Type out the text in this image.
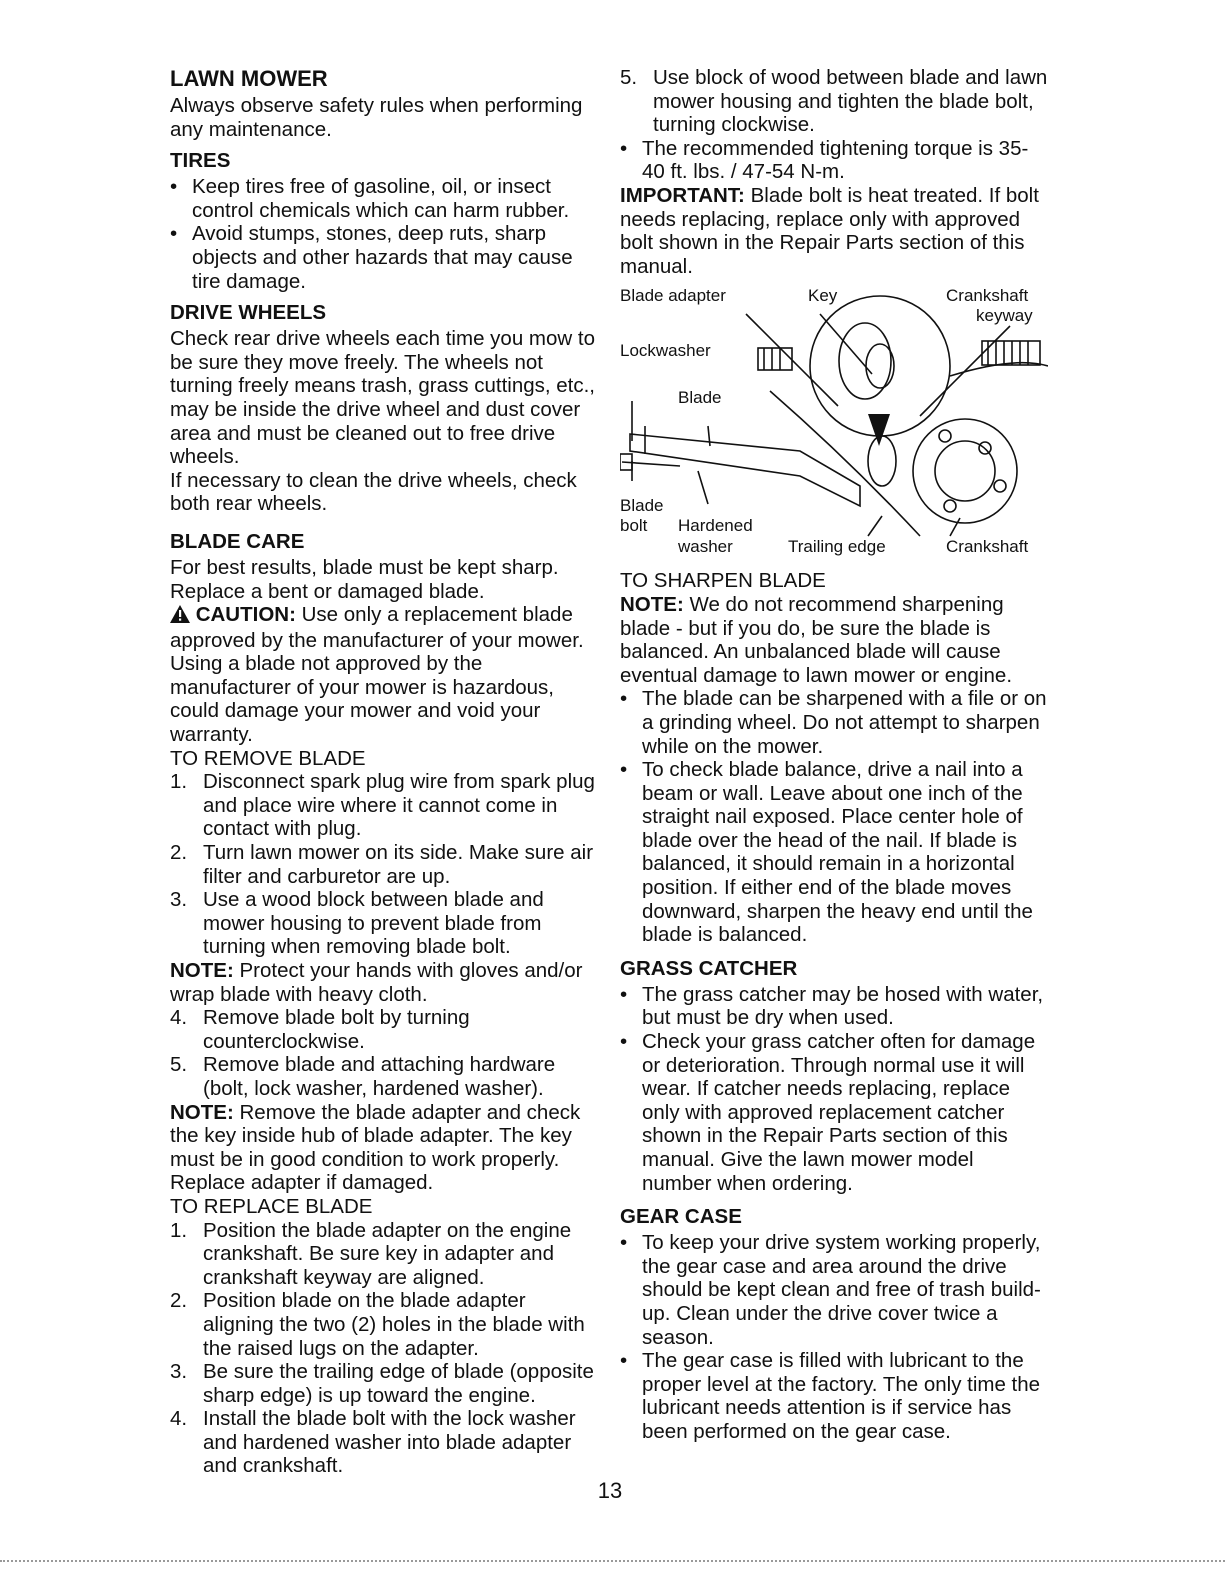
LAWN MOWER

Always observe safety rules when performing any maintenance.

TIRES
• Keep tires free of gasoline, oil, or insect control chemicals which can harm rubber.
• Avoid stumps, stones, deep ruts, sharp objects and other hazards that may cause tire damage.
DRIVE WHEELS

Check rear drive wheels each time you mow to be sure they move freely. The wheels not turning freely means trash, grass cuttings, etc., may be inside the drive wheel and dust cover area and must be cleaned out to free drive wheels.

If necessary to clean the drive wheels, check both rear wheels.

BLADE CARE

For best results, blade must be kept sharp. Replace a bent or damaged blade.

CAUTION: Use only a replacement blade approved by the manufacturer of your mower. Using a blade not approved by the manufacturer of your mower is hazardous, could damage your mower and void your warranty.

TO REMOVE BLADE

1. Disconnect spark plug wire from spark plug and place wire where it cannot come in contact with plug.
2. Turn lawn mower on its side. Make sure air filter and carburetor are up.
3. Use a wood block between blade and mower housing to prevent blade from turning when removing blade bolt.

NOTE: Protect your hands with gloves and/or wrap blade with heavy cloth.

4. Remove blade bolt by turning counterclockwise.
5. Remove blade and attaching hardware (bolt, lock washer, hardened washer).

NOTE: Remove the blade adapter and check the key inside hub of blade adapter. The key must be in good condition to work properly. Replace adapter if damaged.

TO REPLACE BLADE

1. Position the blade adapter on the engine crankshaft. Be sure key in adapter and crankshaft keyway are aligned.
2. Position blade on the blade adapter aligning the two (2) holes in the blade with the raised lugs on the adapter.
3. Be sure the trailing edge of blade (opposite sharp edge) is up toward the engine.
4. Install the blade bolt with the lock washer and hardened washer into blade adapter and crankshaft.
5. Use block of wood between blade and lawn mower housing and tighten the blade bolt, turning clockwise.
• The recommended tightening torque is 35-40 ft. lbs. / 47-54 N-m.

IMPORTANT: Blade bolt is heat treated. If bolt needs replacing, replace only with approved bolt shown in the Repair Parts section of this manual.

Blade adapter	Key	Crankshaft
keyway
Lockwasher
Blade
Blade
bolt Hardened
washer	Trailing edge	Crankshaft

TO SHARPEN BLADE

NOTE: We do not recommend sharpening blade - but if you do, be sure the blade is balanced. An unbalanced blade will cause eventual damage to lawn mower or engine.

• The blade can be sharpened with a file or on a grinding wheel. Do not attempt to sharpen while on the mower.
• To check blade balance, drive a nail into a beam or wall. Leave about one inch of the straight nail exposed. Place center hole of blade over the head of the nail. If blade is balanced, it should remain in a horizontal position. If either end of the blade moves downward, sharpen the heavy end until the blade is balanced.
GRASS CATCHER
• The grass catcher may be hosed with water, but must be dry when used.
• Check your grass catcher often for damage or deterioration. Through normal use it will wear. If catcher needs replacing, replace only with approved replacement catcher shown in the Repair Parts section of this manual. Give the lawn mower model number when ordering.
GEAR CASE
• To keep your drive system working properly, the gear case and area around the drive should be kept clean and free of trash build-up. Clean under the drive cover twice a season.
• The gear case is filled with lubricant to the proper level at the factory. The only time the lubricant needs attention is if service has been performed on the gear case.
13
